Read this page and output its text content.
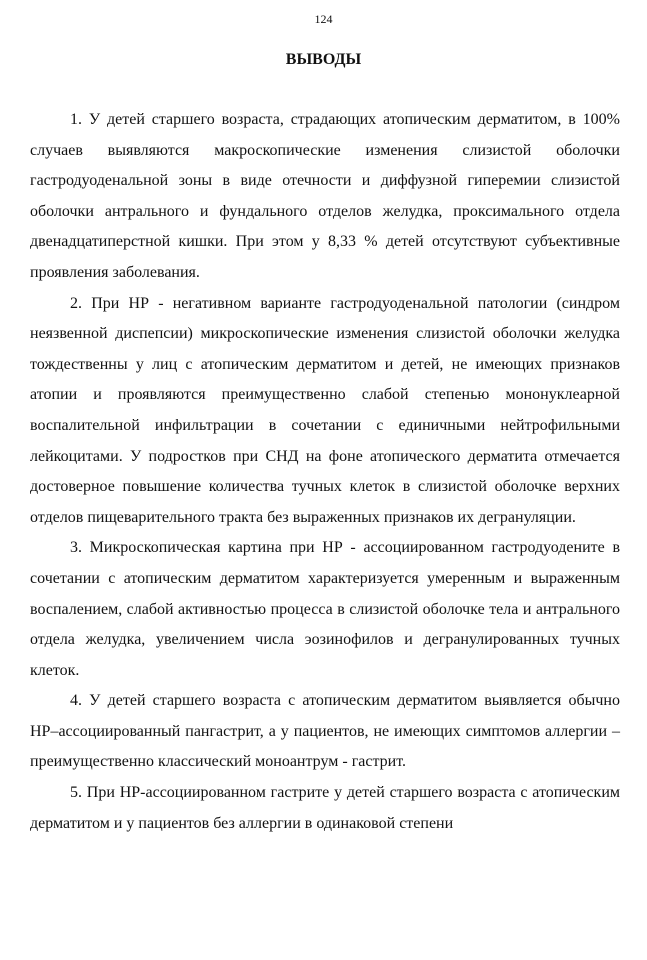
124
ВЫВОДЫ

1. У детей старшего возраста, страдающих атопическим дерматитом, в 100% случаев выявляются макроскопические изменения слизистой оболочки гастродуоденальной зоны в виде отечности и диффузной гиперемии слизистой оболочки антрального и фундального отделов желудка, проксимального отдела двенадцатиперстной кишки. При этом у 8,33 % детей отсутствуют субъективные проявления заболевания.

2. При НР - негативном варианте гастродуоденальной патологии (синдром неязвенной диспепсии) микроскопические изменения слизистой оболочки желудка тождественны у лиц с атопическим дерматитом и детей, не имеющих признаков атопии и проявляются преимущественно слабой степенью мононуклеарной воспалительной инфильтрации в сочетании с единичными нейтрофильными лейкоцитами. У подростков при СНД на фоне атопического дерматита отмечается достоверное повышение количества тучных клеток в слизистой оболочке верхних отделов пищеварительного тракта без выраженных признаков их дегрануляции.

3. Микроскопическая картина при НР - ассоциированном гастродуодените в сочетании с атопическим дерматитом характеризуется умеренным и выраженным воспалением, слабой активностью процесса в слизистой оболочке тела и антрального отдела желудка, увеличением числа эозинофилов и дегранулированных тучных клеток.

4. У детей старшего возраста с атопическим дерматитом выявляется обычно НР–ассоциированный пангастрит, а у пациентов, не имеющих симптомов аллергии – преимущественно классический моноантрум - гастрит.

5. При НР-ассоциированном гастрите у детей старшего возраста с атопическим дерматитом и у пациентов без аллергии в одинаковой степени
